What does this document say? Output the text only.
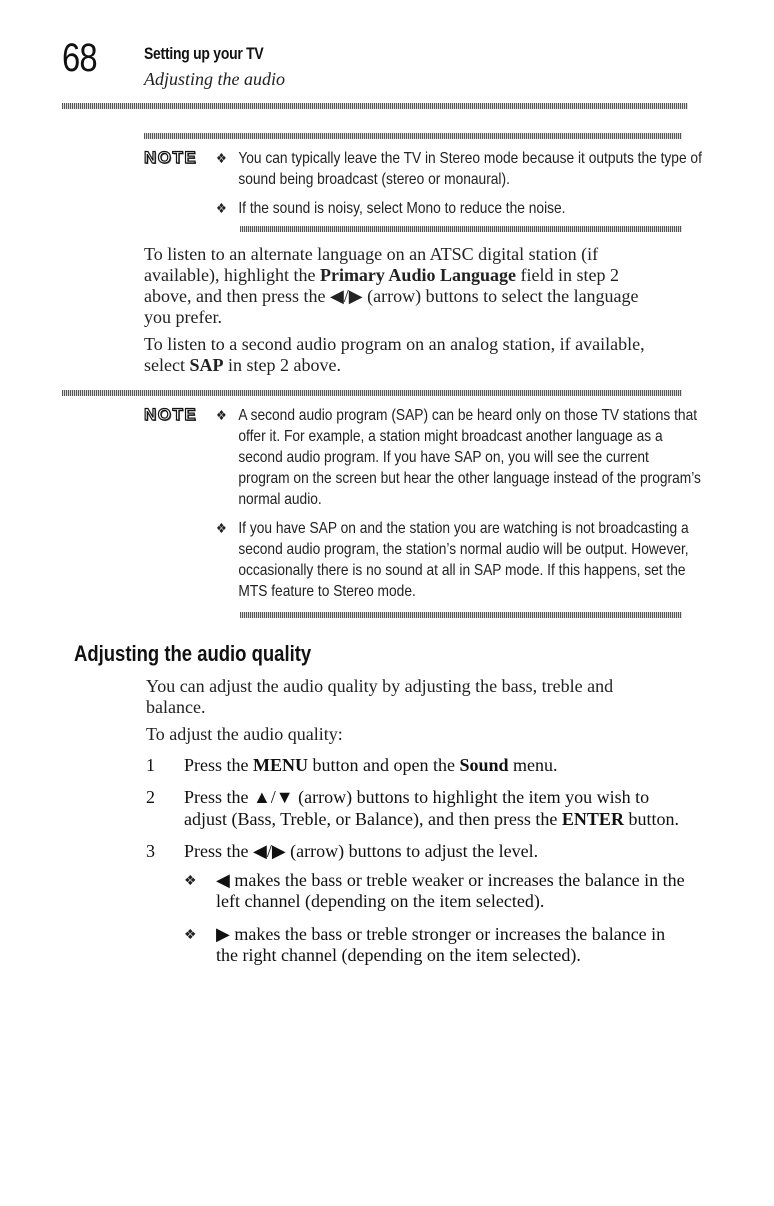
68	Setting up your TV
Adjusting the audio
NOTE ❖ You can typically leave the TV in Stereo mode because it outputs the type of sound being broadcast (stereo or monaural).
❖ If the sound is noisy, select Mono to reduce the noise.
To listen to an alternate language on an ATSC digital station (if available), highlight the Primary Audio Language field in step 2 above, and then press the ◀/▶ (arrow) buttons to select the language you prefer.
To listen to a second audio program on an analog station, if available, select SAP in step 2 above.
NOTE ❖ A second audio program (SAP) can be heard only on those TV stations that offer it. For example, a station might broadcast another language as a second audio program. If you have SAP on, you will see the current program on the screen but hear the other language instead of the program’s normal audio.
❖ If you have SAP on and the station you are watching is not broadcasting a second audio program, the station’s normal audio will be output. However, occasionally there is no sound at all in SAP mode. If this happens, set the MTS feature to Stereo mode.
Adjusting the audio quality
You can adjust the audio quality by adjusting the bass, treble and balance.
To adjust the audio quality:
1 Press the MENU button and open the Sound menu.
2 Press the ▲/▼ (arrow) buttons to highlight the item you wish to adjust (Bass, Treble, or Balance), and then press the ENTER button.
3 Press the ◀/▶ (arrow) buttons to adjust the level.
❖ ◀ makes the bass or treble weaker or increases the balance in the left channel (depending on the item selected).
❖ ▶ makes the bass or treble stronger or increases the balance in the right channel (depending on the item selected).
